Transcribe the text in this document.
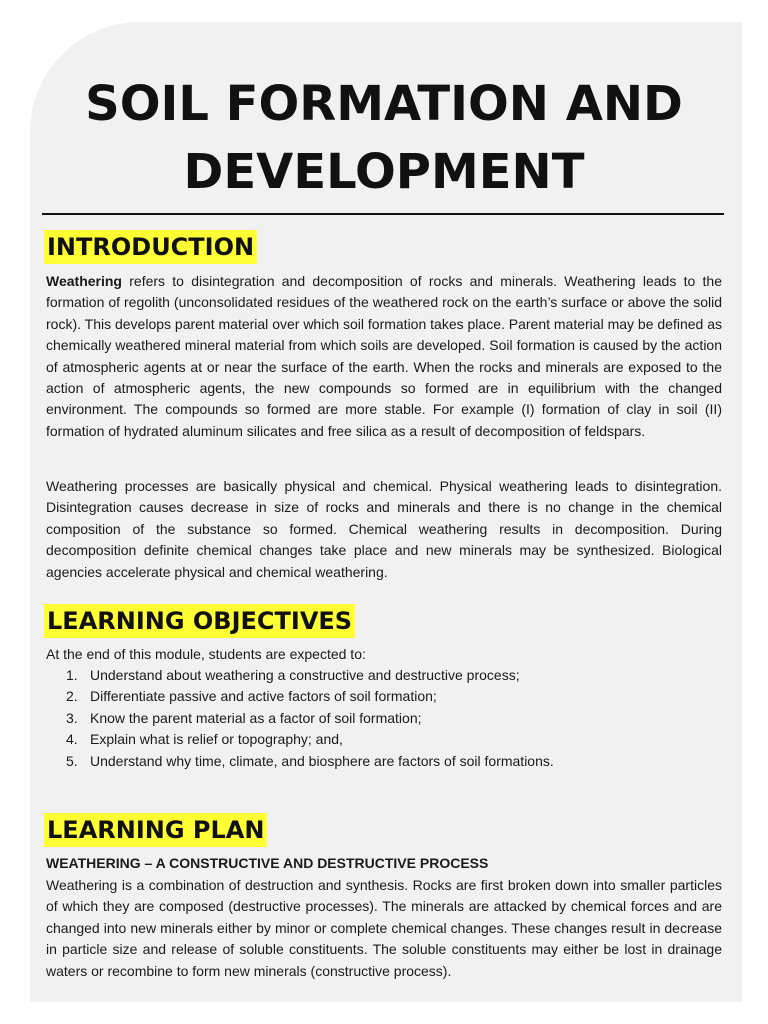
SOIL FORMATION AND
DEVELOPMENT
INTRODUCTION

Weathering refers to disintegration and decomposition of rocks and minerals. Weathering leads to the formation of regolith (unconsolidated residues of the weathered rock on the earth’s surface or above the solid rock). This develops parent material over which soil formation takes place. Parent material may be defined as chemically weathered mineral material from which soils are developed. Soil formation is caused by the action of atmospheric agents at or near the surface of the earth. When the rocks and minerals are exposed to the action of atmospheric agents, the new compounds so formed are in equilibrium with the changed environment. The compounds so formed are more stable. For example (I) formation of clay in soil (II) formation of hydrated aluminum silicates and free silica as a result of decomposition of feldspars.

Weathering processes are basically physical and chemical. Physical weathering leads to disintegration. Disintegration causes decrease in size of rocks and minerals and there is no change in the chemical composition of the substance so formed. Chemical weathering results in decomposition. During decomposition definite chemical changes take place and new minerals may be synthesized. Biological agencies accelerate physical and chemical weathering.

LEARNING OBJECTIVES

At the end of this module, students are expected to:

1. Understand about weathering a constructive and destructive process;
2. Differentiate passive and active factors of soil formation;
3. Know the parent material as a factor of soil formation;
4. Explain what is relief or topography; and,
5. Understand why time, climate, and biosphere are factors of soil formations.
LEARNING PLAN

WEATHERING – A CONSTRUCTIVE AND DESTRUCTIVE PROCESS

Weathering is a combination of destruction and synthesis. Rocks are first broken down into smaller particles of which they are composed (destructive processes). The minerals are attacked by chemical forces and are changed into new minerals either by minor or complete chemical changes. These changes result in decrease in particle size and release of soluble constituents. The soluble constituents may either be lost in drainage waters or recombine to form new minerals (constructive process).
